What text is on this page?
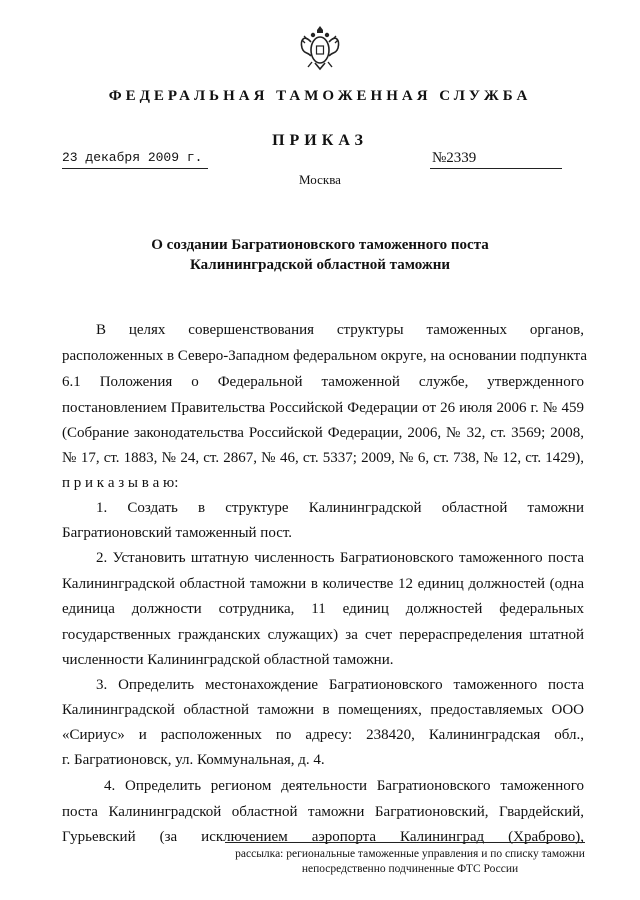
ФЕДЕРАЛЬНАЯ ТАМОЖЕННАЯ СЛУЖБА
ПРИКАЗ
23 декабря 2009 г.	№2339
Москва
О создании Багратионовского таможенного поста
Калининградской областной таможни
В целях совершенствования структуры таможенных органов,
расположенных в Северо-Западном федеральном округе, на основании подпункта
6.1 Положения о Федеральной таможенной службе, утвержденного
постановлением Правительства Российской Федерации от 26 июля 2006 г. № 459
(Собрание законодательства Российской Федерации, 2006, № 32, ст. 3569; 2008,
№ 17, ст. 1883, № 24, ст. 2867, № 46, ст. 5337; 2009, № 6, ст. 738, № 12, ст. 1429),
п р и к а з ы в а ю:
1. Создать в структуре Калининградской областной таможни
Багратионовский таможенный пост.
2. Установить штатную численность Багратионовского таможенного поста
Калининградской областной таможни в количестве 12 единиц должностей (одна
единица должности сотрудника, 11 единиц должностей федеральных
государственных гражданских служащих) за счет перераспределения штатной
численности Калининградской областной таможни.
3. Определить местонахождение Багратионовского таможенного поста
Калининградской областной таможни в помещениях, предоставляемых ООО
«Сириус» и расположенных по адресу: 238420, Калининградская обл.,
г. Багратионовск, ул. Коммунальная, д. 4.
4. Определить регионом деятельности Багратионовского таможенного
поста Калининградской областной таможни Багратионовский, Гвардейский,
Гурьевский (за исключением аэропорта Калининград (Храброво),
рассылка: региональные таможенные управления и по списку таможни
непосредственно подчиненные ФТС России
